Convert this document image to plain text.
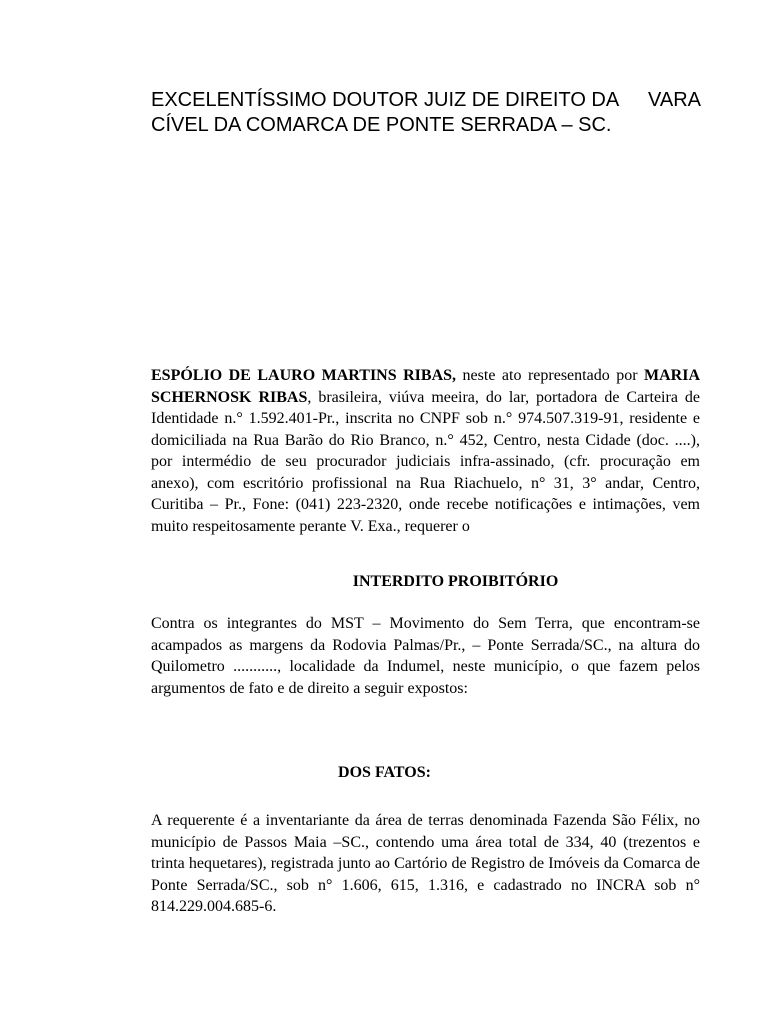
EXCELENTÍSSIMO DOUTOR JUIZ DE DIREITO DA VARA
CÍVEL DA COMARCA DE PONTE SERRADA – SC.

ESPÓLIO DE LAURO MARTINS RIBAS, neste ato representado por MARIA SCHERNOSK RIBAS, brasileira, viúva meeira, do lar, portadora de Carteira de Identidade n.° 1.592.401-Pr., inscrita no CNPF sob n.° 974.507.319-91, residente e domiciliada na Rua Barão do Rio Branco, n.° 452, Centro, nesta Cidade (doc. ....), por intermédio de seu procurador judiciais infra-assinado, (cfr. procuração em anexo), com escritório profissional na Rua Riachuelo, n° 31, 3° andar, Centro, Curitiba – Pr., Fone: (041) 223-2320, onde recebe notificações e intimações, vem muito respeitosamente perante V. Exa., requerer o

INTERDITO PROIBITÓRIO

Contra os integrantes do MST – Movimento do Sem Terra, que encontram-se acampados as margens da Rodovia Palmas/Pr., – Ponte Serrada/SC., na altura do Quilometro ..........., localidade da Indumel, neste município, o que fazem pelos argumentos de fato e de direito a seguir expostos:

DOS FATOS:

A requerente é a inventariante da área de terras denominada Fazenda São Félix, no município de Passos Maia –SC., contendo uma área total de 334, 40 (trezentos e trinta hequetares), registrada junto ao Cartório de Registro de Imóveis da Comarca de Ponte Serrada/SC., sob n° 1.606, 615, 1.316, e cadastrado no INCRA sob n° 814.229.004.685-6.
